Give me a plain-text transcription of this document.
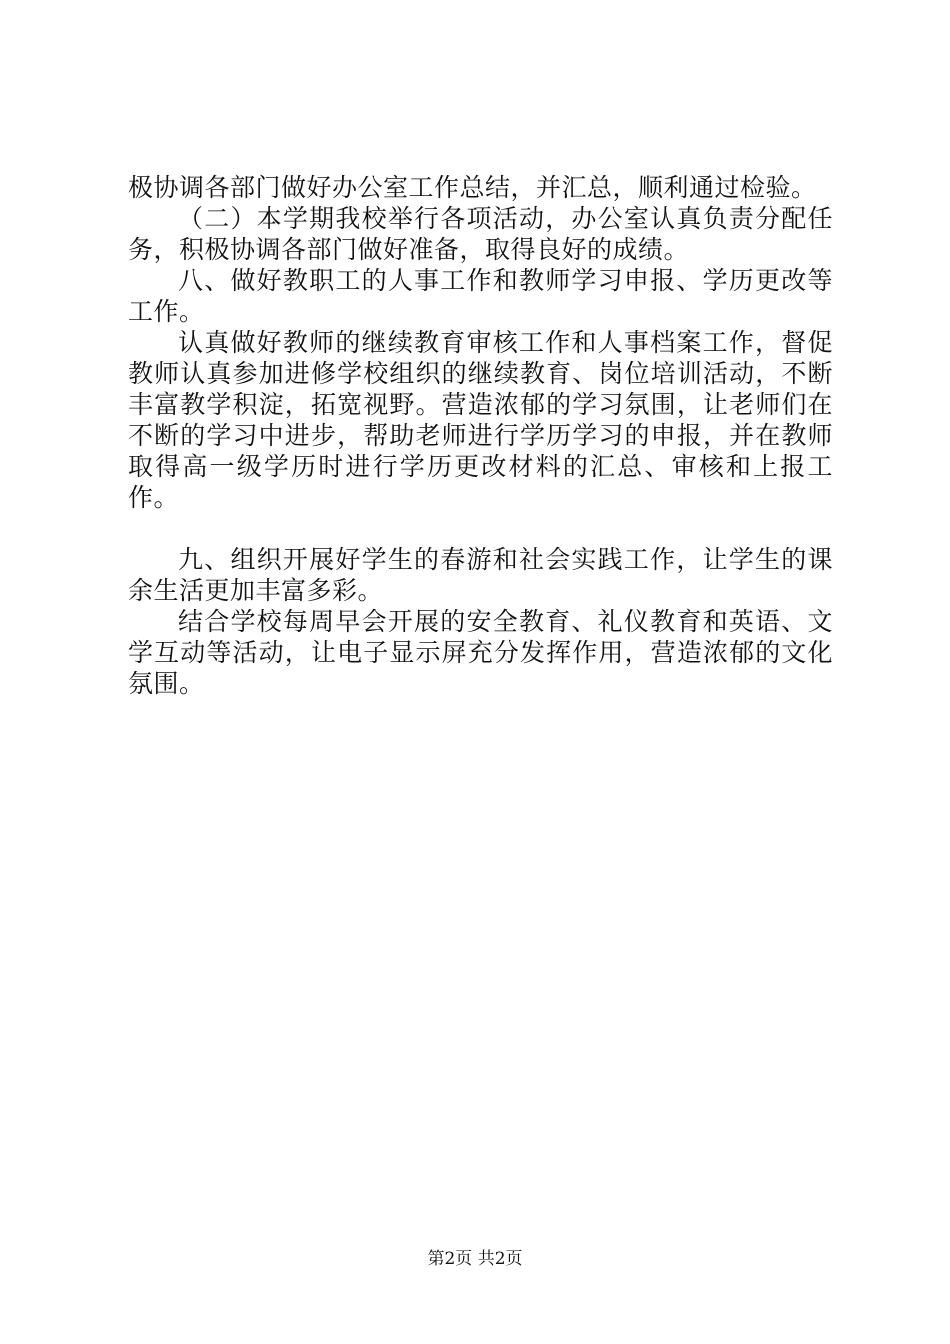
极协调各部门做好办公室工作总结，并汇总，顺利通过检验。

（二）本学期我校举行各项活动，办公室认真负责分配任务，积极协调各部门做好准备，取得良好的成绩。

八、做好教职工的人事工作和教师学习申报、学历更改等工作。

认真做好教师的继续教育审核工作和人事档案工作，督促教师认真参加进修学校组织的继续教育、岗位培训活动，不断丰富教学积淀，拓宽视野。营造浓郁的学习氛围，让老师们在不断的学习中进步，帮助老师进行学历学习的申报，并在教师取得高一级学历时进行学历更改材料的汇总、审核和上报工作。

九、组织开展好学生的春游和社会实践工作，让学生的课余生活更加丰富多彩。

结合学校每周早会开展的安全教育、礼仪教育和英语、文学互动等活动，让电子显示屏充分发挥作用，营造浓郁的文化氛围。

第2页 共2页
